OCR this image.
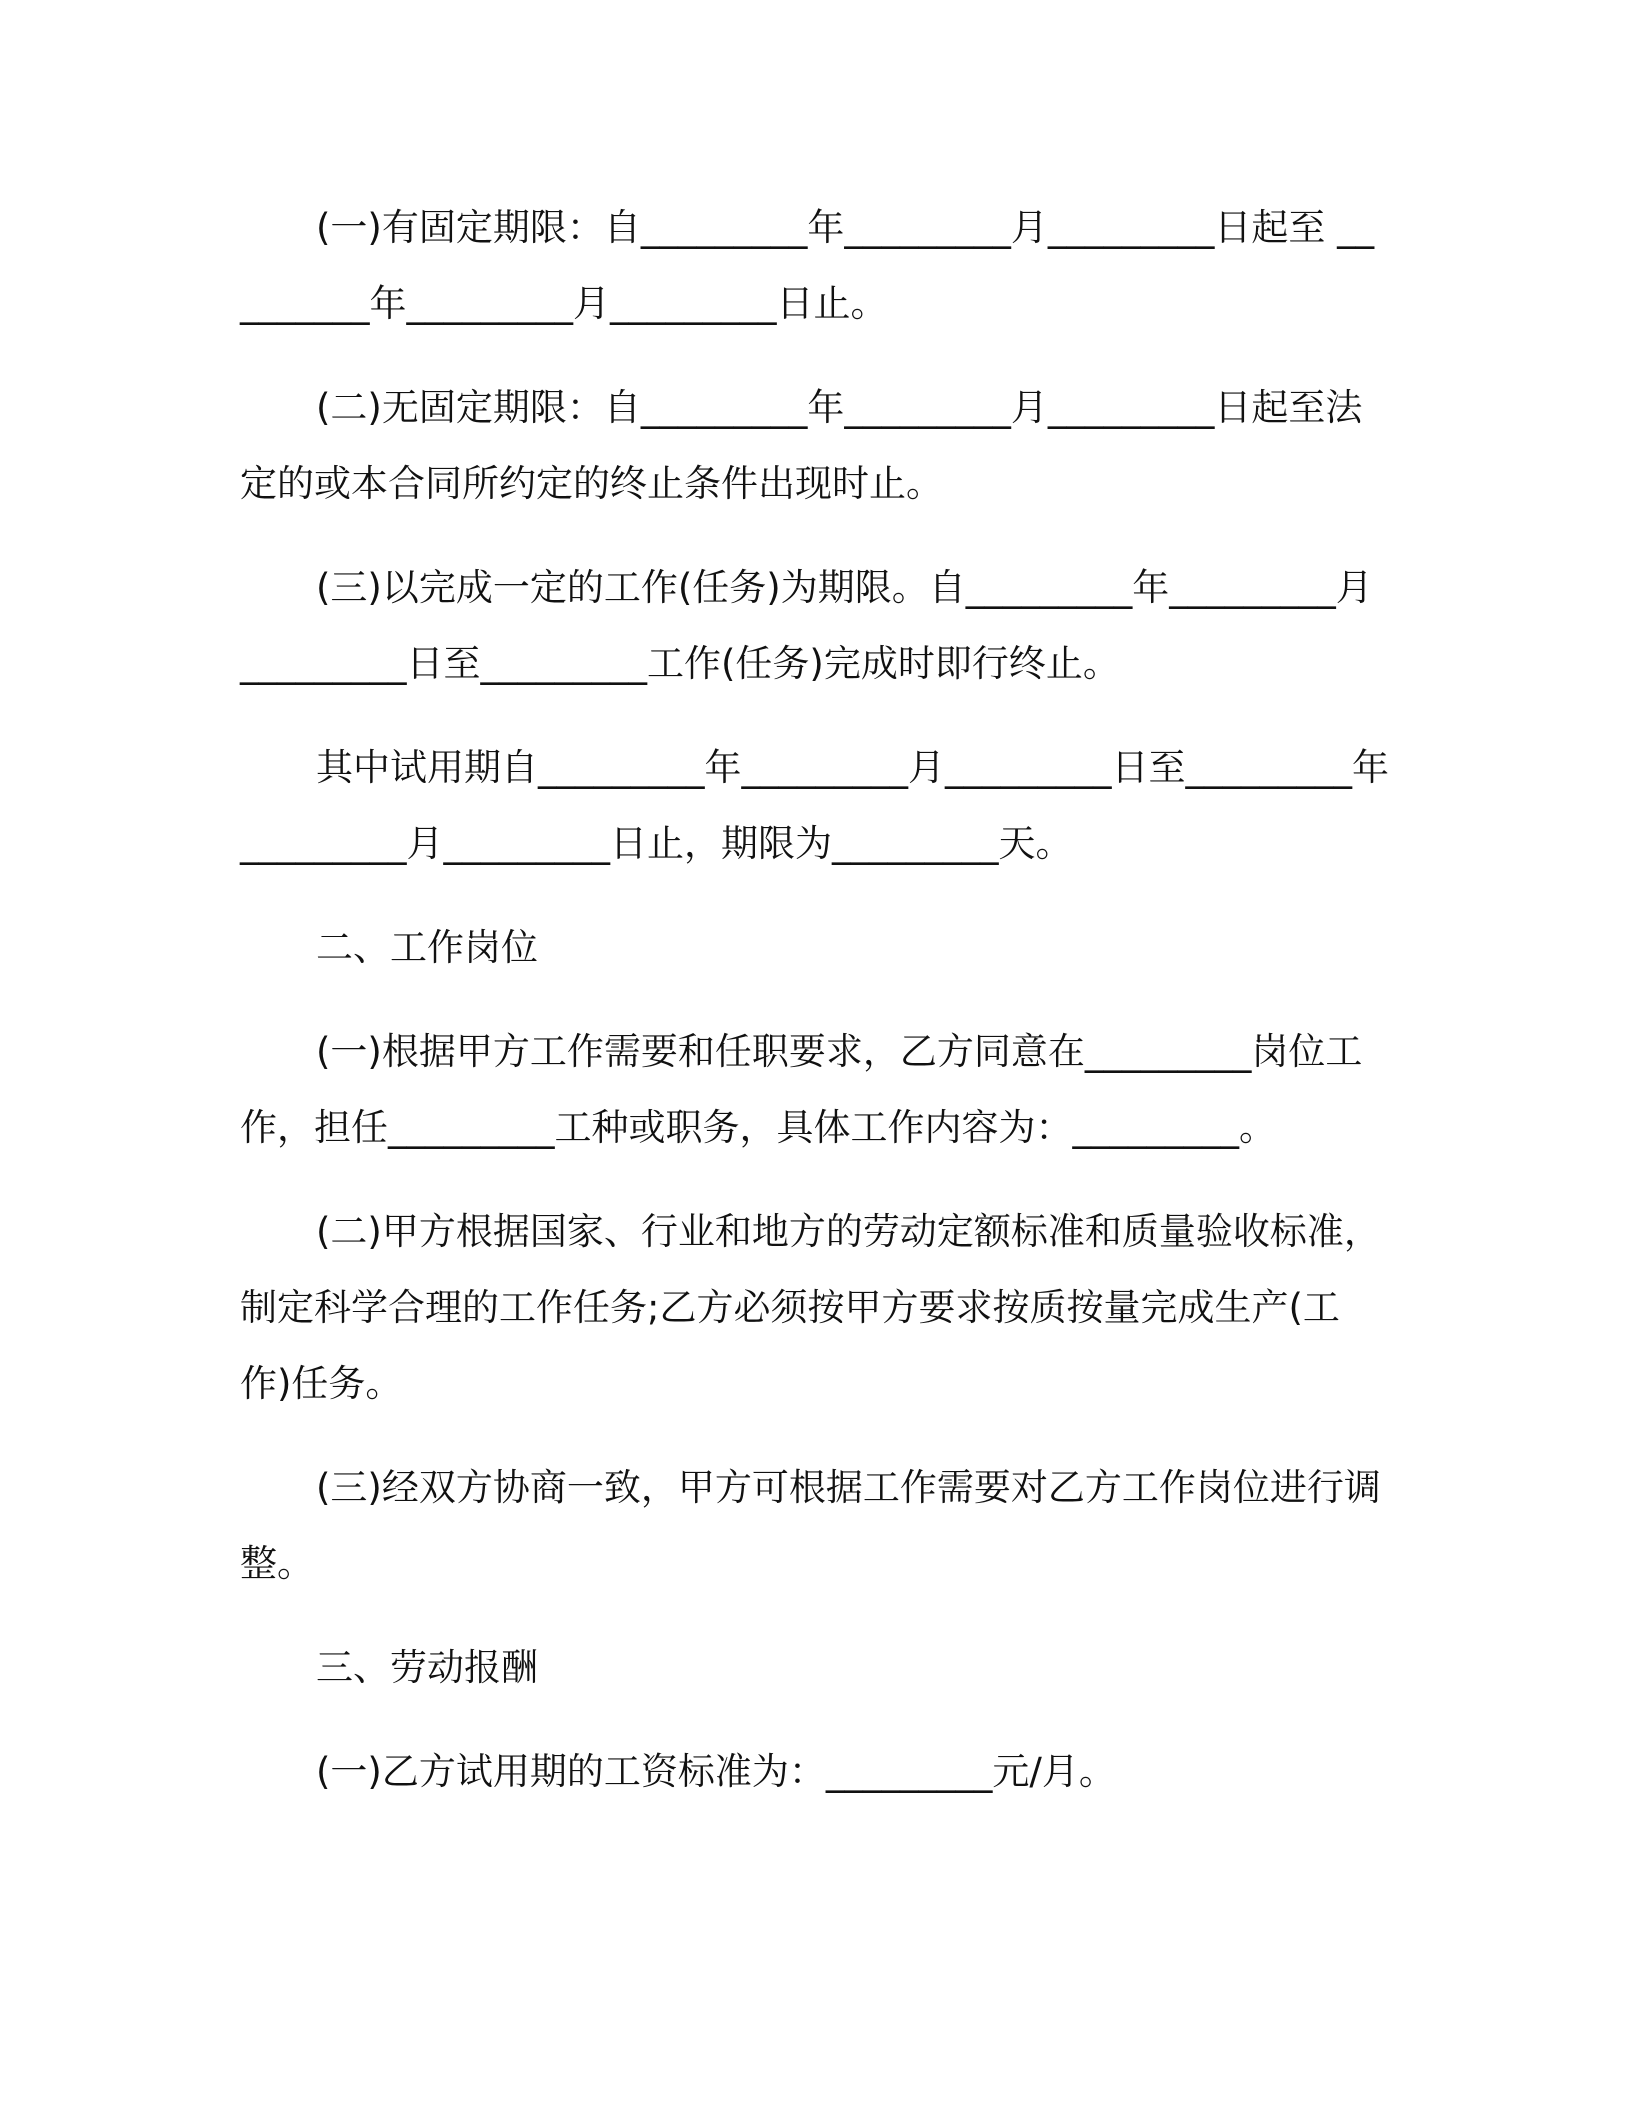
(一)有固定期限：自_________年_________月_________日起至 _________年_________月_________日止。

(二)无固定期限：自_________年_________月_________日起至法定的或本合同所约定的终止条件出现时止。

(三)以完成一定的工作(任务)为期限。自_________年_________月_________日至_________工作(任务)完成时即行终止。

其中试用期自_________年_________月_________日至_________年_________月_________日止，期限为_________天。

二、工作岗位

(一)根据甲方工作需要和任职要求，乙方同意在_________岗位工作，担任_________工种或职务，具体工作内容为：_________。

(二)甲方根据国家、行业和地方的劳动定额标准和质量验收标准，制定科学合理的工作任务;乙方必须按甲方要求按质按量完成生产(工作)任务。

(三)经双方协商一致，甲方可根据工作需要对乙方工作岗位进行调整。

三、劳动报酬

(一)乙方试用期的工资标准为：_________元/月。
